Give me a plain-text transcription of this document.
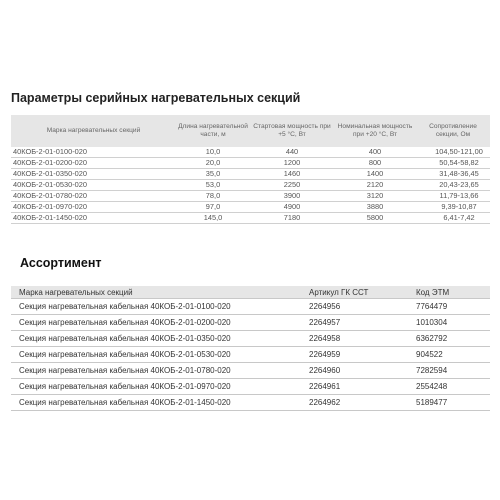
Параметры серийных нагревательных секций
Марка нагревательных секций	Длина нагревательной части, м	Стартовая мощность при +5 °С, Вт	Номинальная мощность при +20 °С, Вт	Сопротивление секции, Ом
40КОБ-2-01-0100-020	10,0	440	400	104,50-121,00
40КОБ-2-01-0200-020	20,0	1200	800	50,54-58,82
40КОБ-2-01-0350-020	35,0	1460	1400	31,48-36,45
40КОБ-2-01-0530-020	53,0	2250	2120	20,43-23,65
40КОБ-2-01-0780-020	78,0	3900	3120	11,79-13,66
40КОБ-2-01-0970-020	97,0	4900	3880	9,39-10,87
40КОБ-2-01-1450-020	145,0	7180	5800	6,41-7,42
Ассортимент
Марка нагревательных секций	Артикул ГК ССТ	Код ЭТМ
Секция нагревательная кабельная 40КОБ-2-01-0100-020	2264956	7764479
Секция нагревательная кабельная 40КОБ-2-01-0200-020	2264957	1010304
Секция нагревательная кабельная 40КОБ-2-01-0350-020	2264958	6362792
Секция нагревательная кабельная 40КОБ-2-01-0530-020	2264959	904522
Секция нагревательная кабельная 40КОБ-2-01-0780-020	2264960	7282594
Секция нагревательная кабельная 40КОБ-2-01-0970-020	2264961	2554248
Секция нагревательная кабельная 40КОБ-2-01-1450-020	2264962	5189477
